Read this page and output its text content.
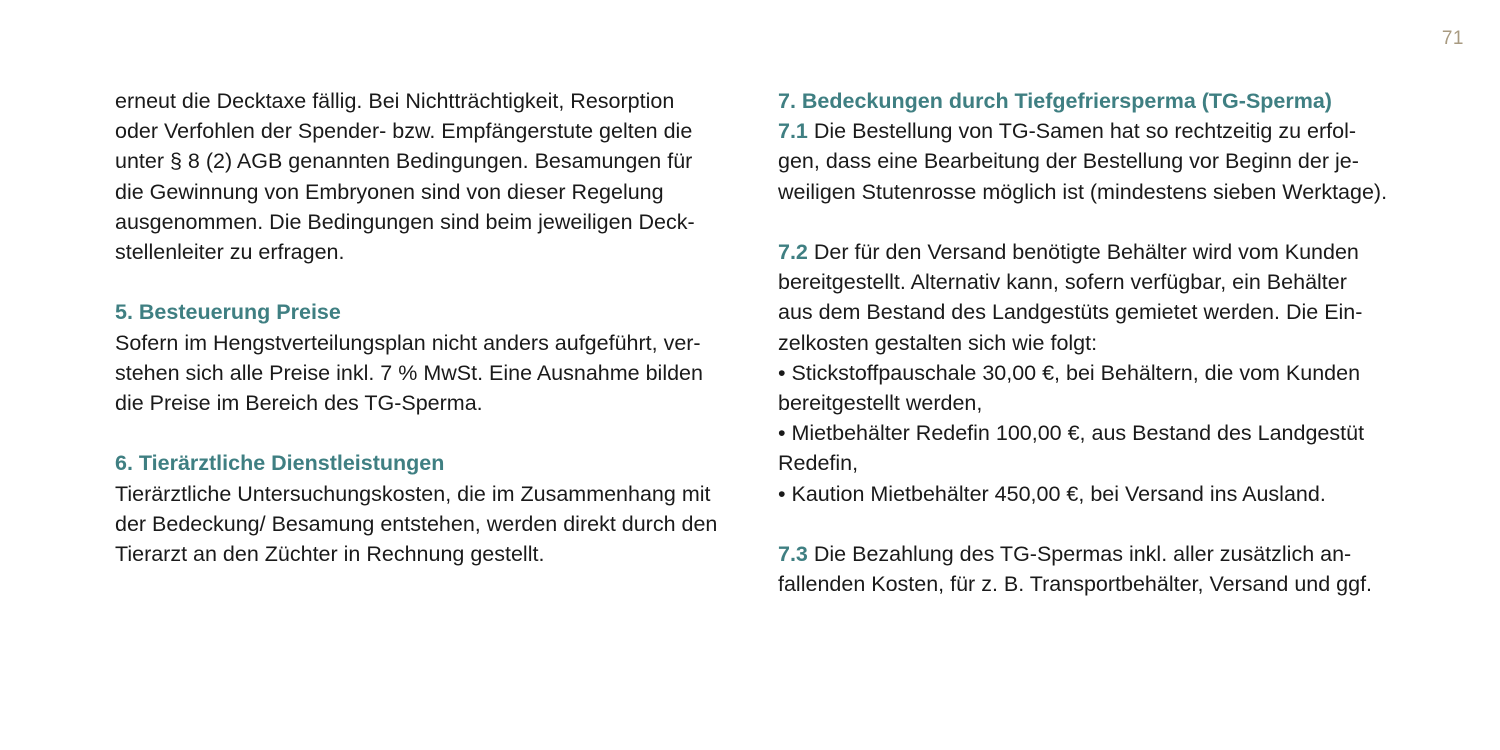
71
erneut die Decktaxe fällig. Bei Nichtträchtigkeit, Resorption
oder Verfohlen der Spender- bzw. Empfängerstute gelten die
unter § 8 (2) AGB genannten Bedingungen. Besamungen für
die Gewinnung von Embryonen sind von dieser Regelung
ausgenommen. Die Bedingungen sind beim jeweiligen Deck-
stellenleiter zu erfragen.
5. Besteuerung Preise
Sofern im Hengstverteilungsplan nicht anders aufgeführt, ver-
stehen sich alle Preise inkl. 7 % MwSt. Eine Ausnahme bilden
die Preise im Bereich des TG-Sperma.
6. Tierärztliche Dienstleistungen
Tierärztliche Untersuchungskosten, die im Zusammenhang mit
der Bedeckung/ Besamung entstehen, werden direkt durch den
Tierarzt an den Züchter in Rechnung gestellt.
7. Bedeckungen durch Tiefgefriersperma (TG-Sperma)
7.1 Die Bestellung von TG-Samen hat so rechtzeitig zu erfol-
gen, dass eine Bearbeitung der Bestellung vor Beginn der je-
weiligen Stutenrosse möglich ist (mindestens sieben Werktage).
7.2 Der für den Versand benötigte Behälter wird vom Kunden
bereitgestellt. Alternativ kann, sofern verfügbar, ein Behälter
aus dem Bestand des Landgestüts gemietet werden. Die Ein-
zelkosten gestalten sich wie folgt:
• Stickstoffpauschale 30,00 €, bei Behältern, die vom Kunden
bereitgestellt werden,
• Mietbehälter Redefin 100,00 €, aus Bestand des Landgestüt
Redefin,
• Kaution Mietbehälter 450,00 €, bei Versand ins Ausland.
7.3 Die Bezahlung des TG-Spermas inkl. aller zusätzlich an-
fallenden Kosten, für z. B. Transportbehälter, Versand und ggf.
